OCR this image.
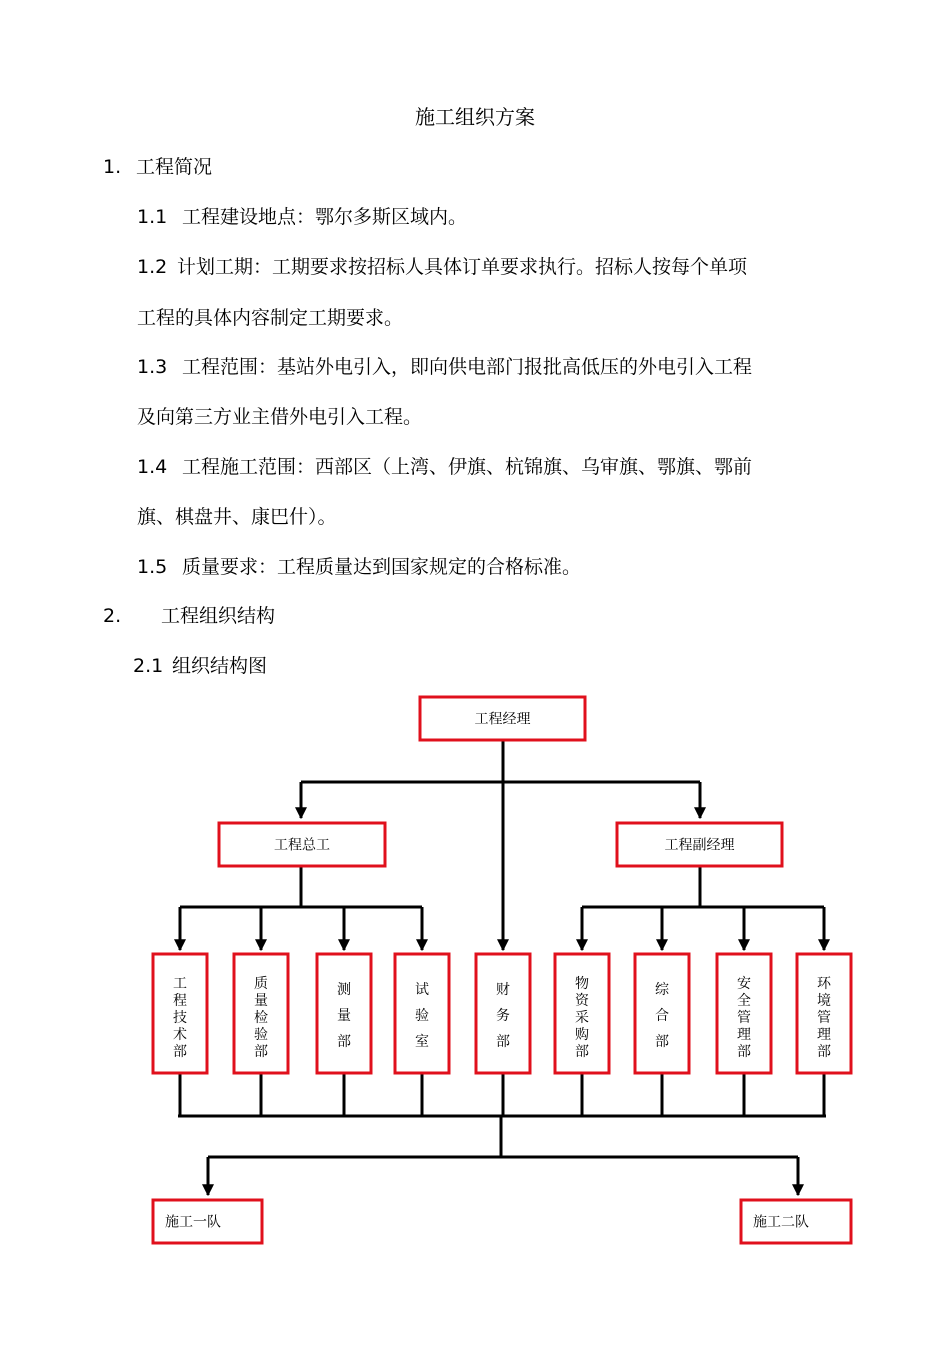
施工组织方案
1. 工程简况
1.1 工程建设地点：鄂尔多斯区域内。
1.2 计划工期：工期要求按招标人具体订单要求执行。招标人按每个单项
工程的具体内容制定工期要求。
1.3 工程范围：基站外电引入，即向供电部门报批高低压的外电引入工程
及向第三方业主借外电引入工程。
1.4 工程施工范围：西部区（上湾、伊旗、杭锦旗、乌审旗、鄂旗、鄂前
旗、棋盘井、康巴什）。
1.5 质量要求：工程质量达到国家规定的合格标准。
2. 工程组织结构
2.1 组织结构图
工程经理
工程总工	工程副经理
工程技术部
质量检验部
测量部
试验室
财务部
物资采购部
综合部
安全管理部
环境管理部
施工一队	施工二队
